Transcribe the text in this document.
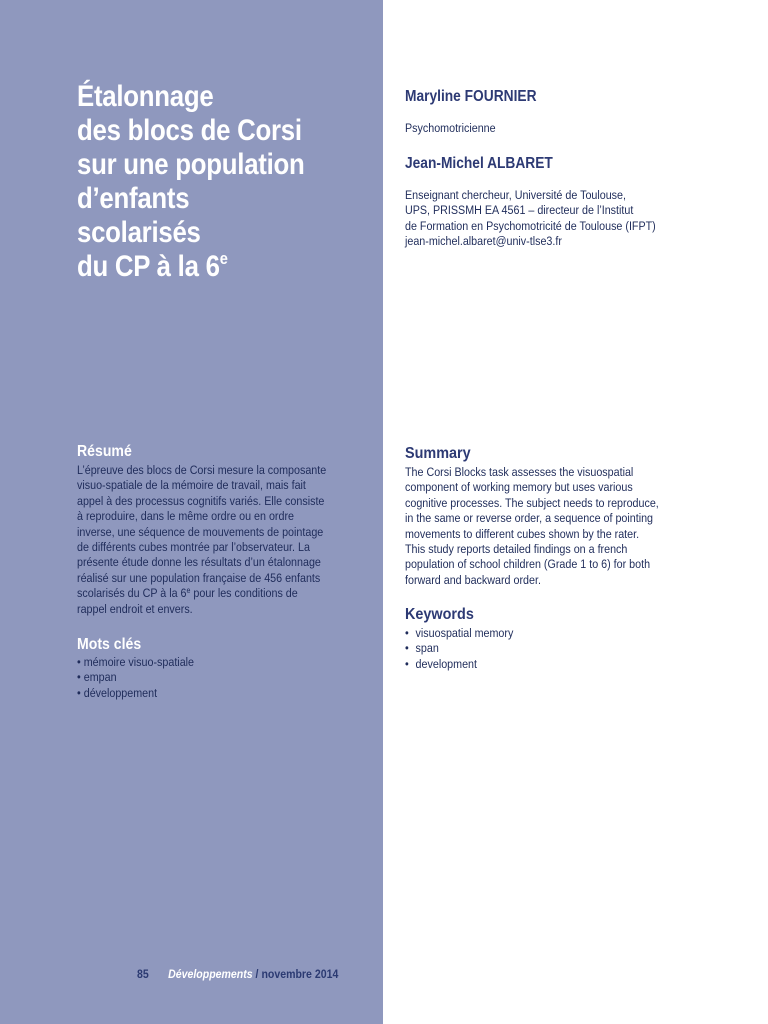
Étalonnage
des blocs de Corsi
sur une population
d’enfants
scolarisés
du CP à la 6e
Résumé
L’épreuve des blocs de Corsi mesure la composante
visuo-spatiale de la mémoire de travail, mais fait
appel à des processus cognitifs variés. Elle consiste
à reproduire, dans le même ordre ou en ordre
inverse, une séquence de mouvements de pointage
de différents cubes montrée par l’observateur. La
présente étude donne les résultats d’un étalonnage
réalisé sur une population française de 456 enfants
scolarisés du CP à la 6e pour les conditions de
rappel endroit et envers.
Mots clés
• mémoire visuo-spatiale
• empan
• développement
85 Développements / novembre 2014
Maryline FOURNIER
Psychomotricienne
Jean-Michel ALBARET
Enseignant chercheur, Université de Toulouse,
UPS, PRISSMH EA 4561 – directeur de l’Institut
de Formation en Psychomotricité de Toulouse (IFPT)
jean-michel.albaret@univ-tlse3.fr
Summary
The Corsi Blocks task assesses the visuospatial
component of working memory but uses various
cognitive processes. The subject needs to reproduce,
in the same or reverse order, a sequence of pointing
movements to different cubes shown by the rater.
This study reports detailed findings on a french
population of school children (Grade 1 to 6) for both
forward and backward order.
Keywords
• visuospatial memory
• span
• development
